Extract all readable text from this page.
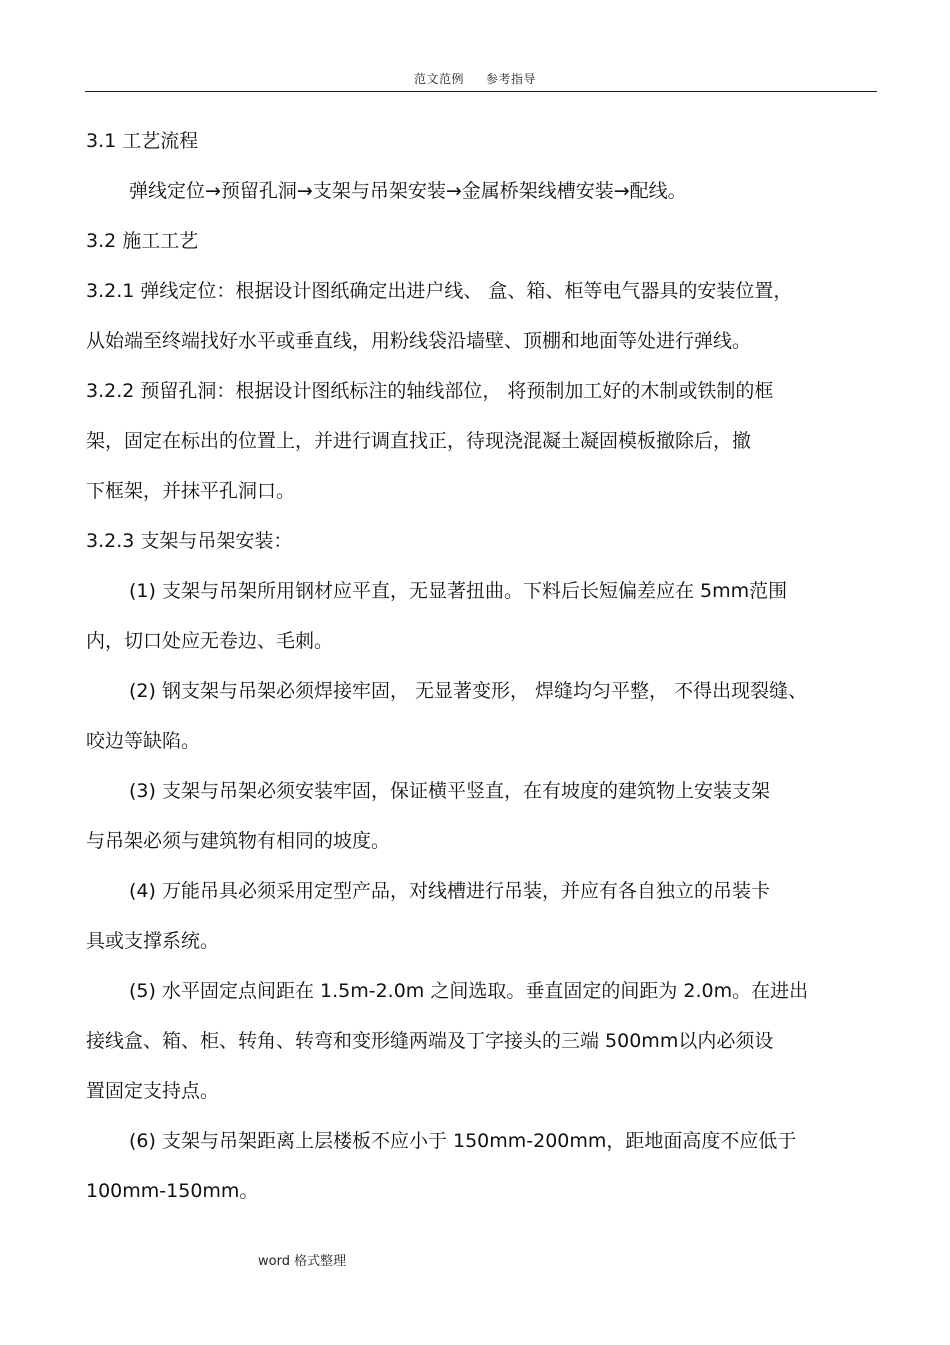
范文范例 参考指导
3.1 工艺流程
弹线定位→预留孔洞→支架与吊架安装→金属桥架线槽安装→配线。
3.2 施工工艺
3.2.1 弹线定位：根据设计图纸确定出进户线、 盒、箱、柜等电气器具的安装位置，
从始端至终端找好水平或垂直线，用粉线袋沿墙壁、顶棚和地面等处进行弹线。
3.2.2 预留孔洞：根据设计图纸标注的轴线部位， 将预制加工好的木制或铁制的框
架，固定在标出的位置上，并进行调直找正，待现浇混凝土凝固模板撤除后，撤
下框架，并抹平孔洞口。
3.2.3 支架与吊架安装：
(1) 支架与吊架所用钢材应平直，无显著扭曲。下料后长短偏差应在 5mm范围
内，切口处应无卷边、毛刺。
(2) 钢支架与吊架必须焊接牢固， 无显著变形， 焊缝均匀平整， 不得出现裂缝、
咬边等缺陷。
(3) 支架与吊架必须安装牢固，保证横平竖直，在有坡度的建筑物上安装支架
与吊架必须与建筑物有相同的坡度。
(4) 万能吊具必须采用定型产品，对线槽进行吊装，并应有各自独立的吊装卡
具或支撑系统。
(5) 水平固定点间距在 1.5m-2.0m 之间选取。垂直固定的间距为 2.0m。在进出
接线盒、箱、柜、转角、转弯和变形缝两端及丁字接头的三端 500mm以内必须设
置固定支持点。
(6) 支架与吊架距离上层楼板不应小于 150mm-200mm，距地面高度不应低于
100mm-150mm。
word 格式整理
